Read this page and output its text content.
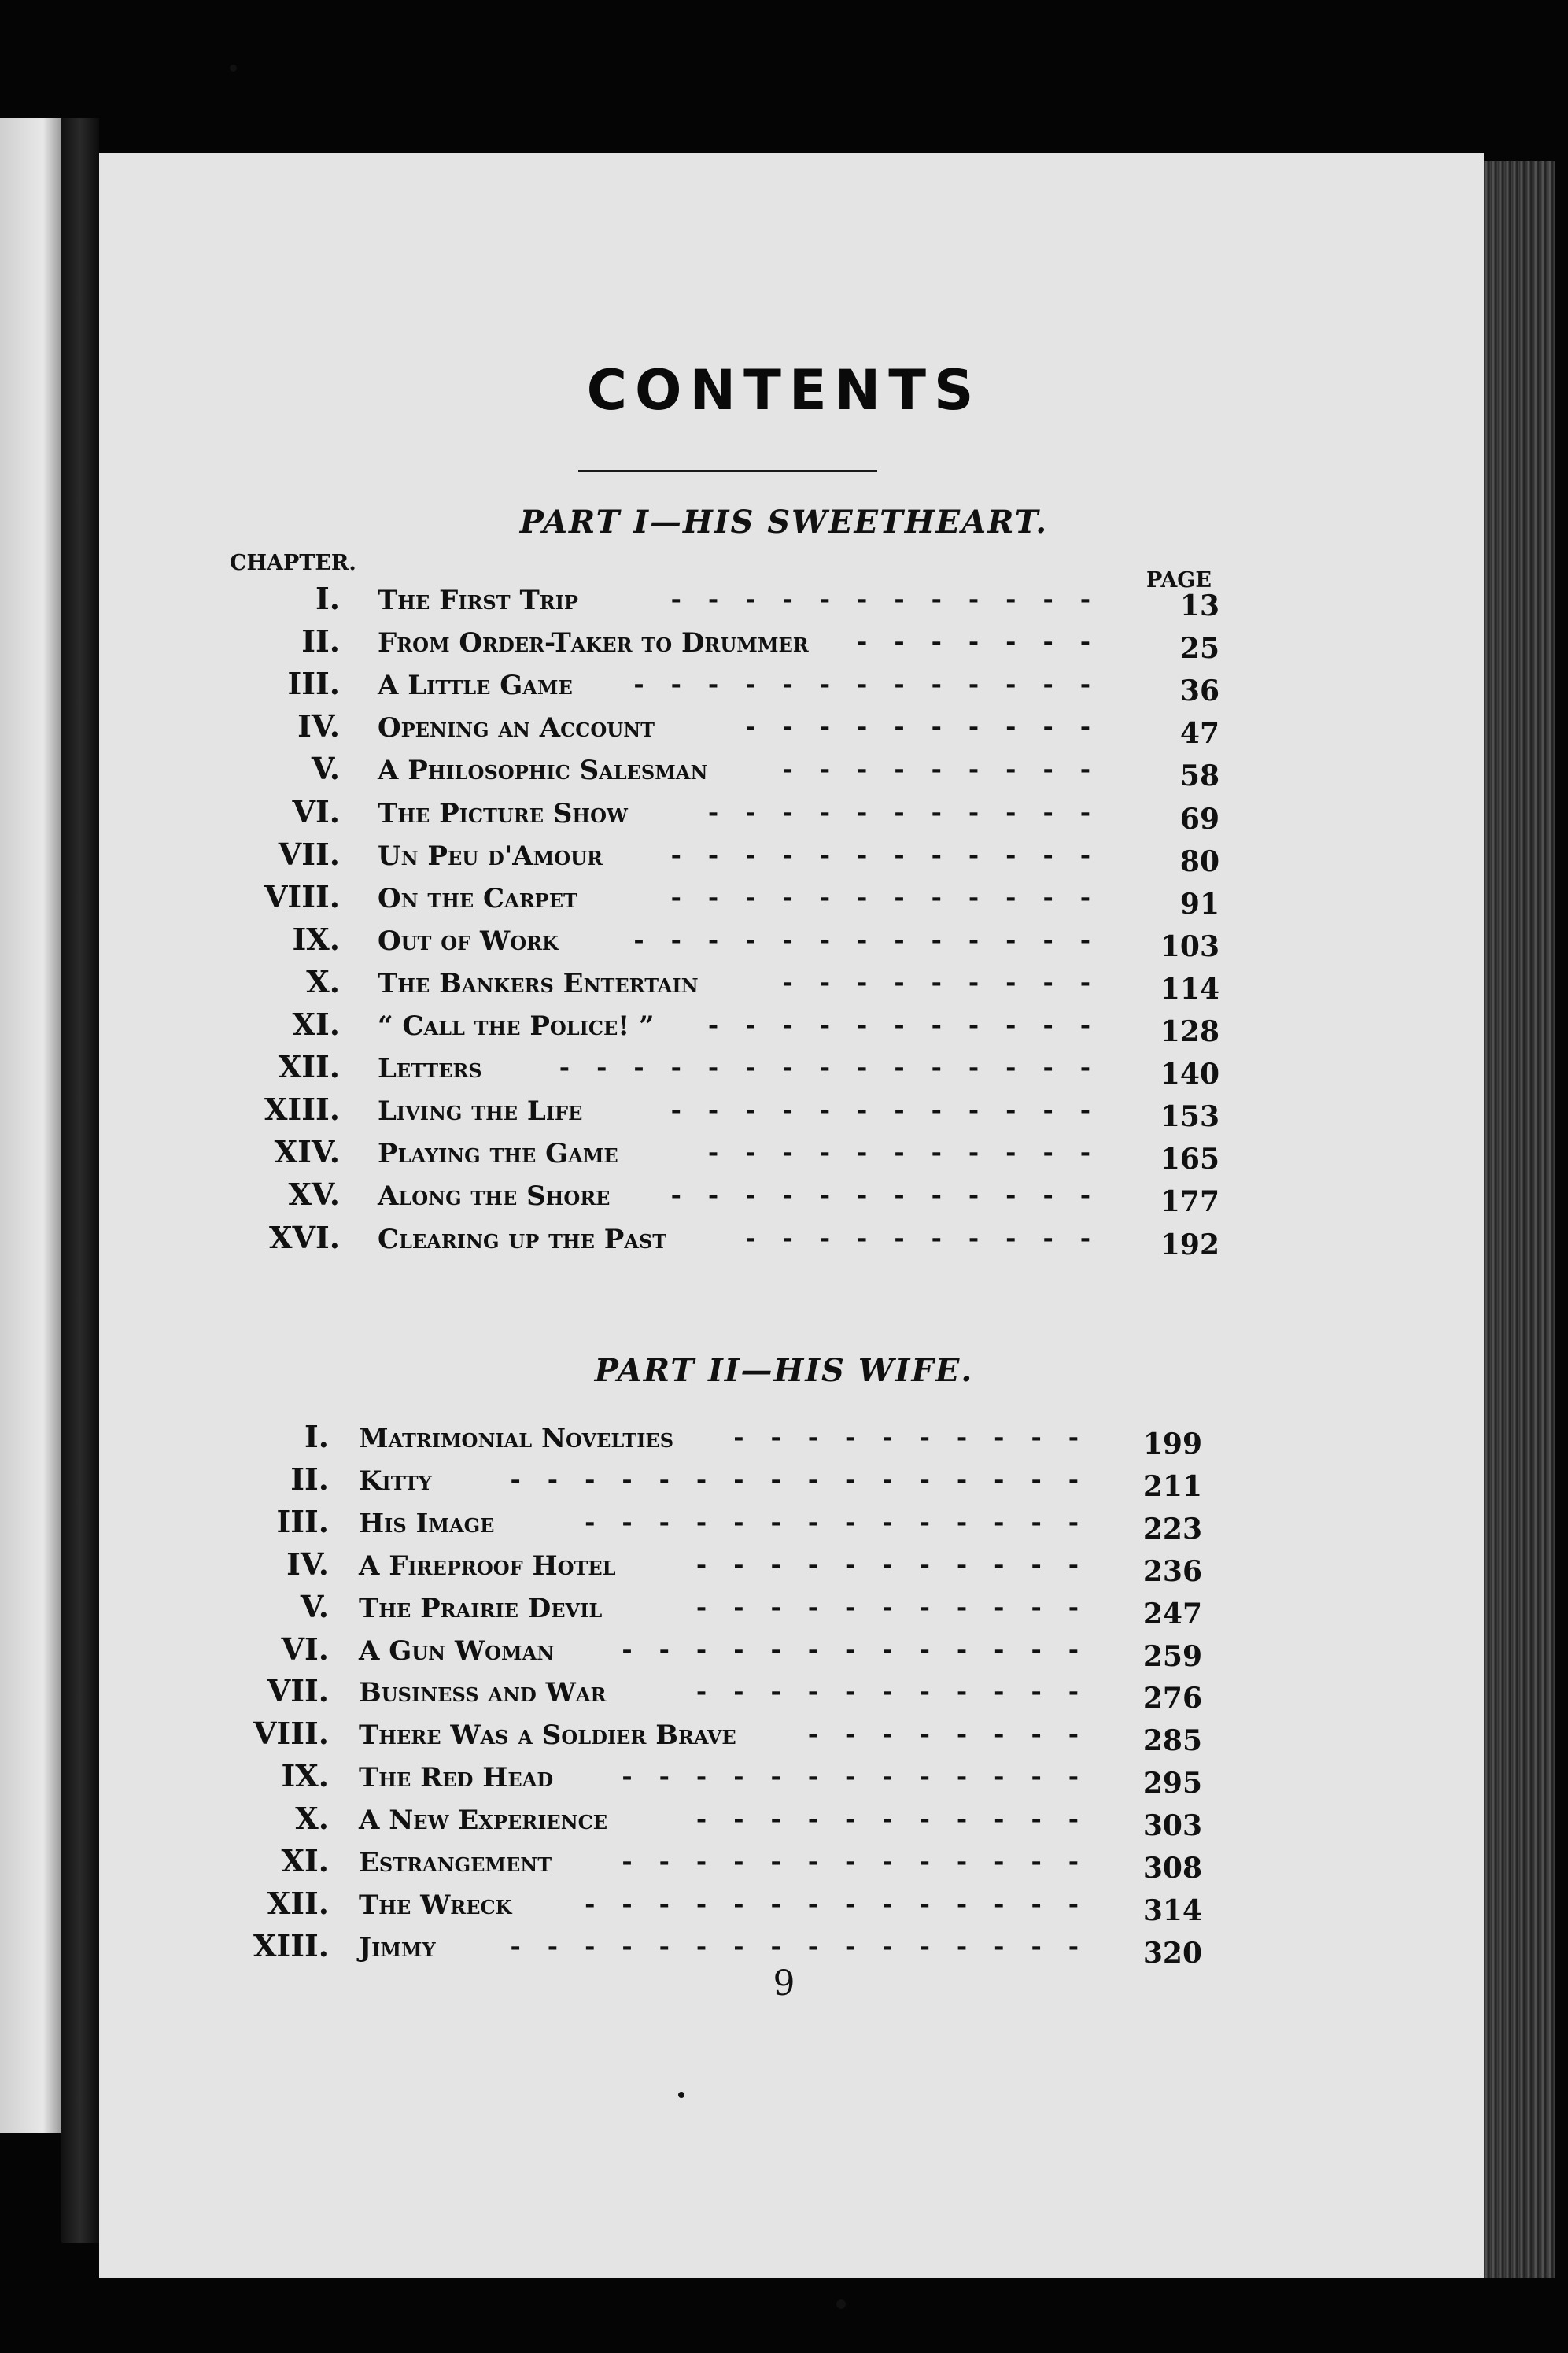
CONTENTS
PART I—HIS SWEETHEART.
CHAPTER.
PAGE
PART II—HIS WIFE.
I. The First Trip	13
------------
II. From Order-Taker to Drummer	25
-------
III. A Little Game	36
-------------
IV. Opening an Account	47
----------
V. A Philosophic Salesman	58
---------
VI. The Picture Show	69
-----------
VII. Un Peu d'Amour	80
------------
VIII. On the Carpet	91
------------
IX. Out of Work	103
-------------
X. The Bankers Entertain	114
---------
XI. “ Call the Police! ”	128
-----------
XII. Letters	140
---------------
XIII. Living the Life	153
------------
XIV. Playing the Game	165
-----------
XV. Along the Shore	177
------------
XVI. Clearing up the Past	192
----------
I. Matrimonial Novelties	199
----------
II. Kitty	211
----------------
III. His Image	223
--------------
IV. A Fireproof Hotel	236
-----------
V. The Prairie Devil	247
-----------
VI. A Gun Woman	259
-------------
VII. Business and War	276
-----------
VIII. There Was a Soldier Brave	285
--------
IX. The Red Head	295
-------------
X. A New Experience	303
-----------
XI. Estrangement	308
-------------
XII. The Wreck	314
--------------
XIII. Jimmy	320
----------------
9
